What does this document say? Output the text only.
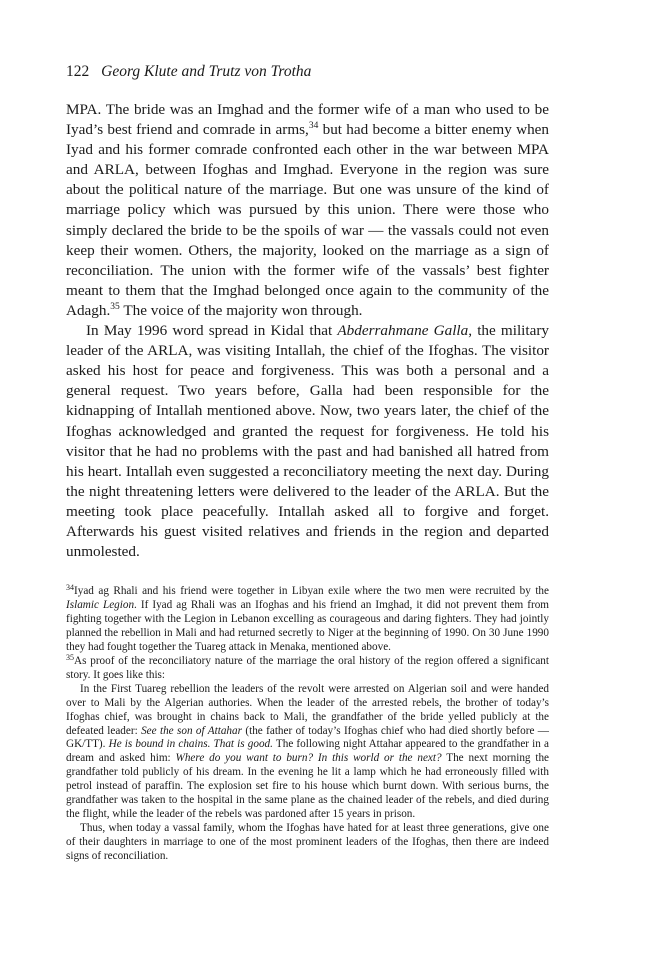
122 Georg Klute and Trutz von Trotha

MPA. The bride was an Imghad and the former wife of a man who used to be Iyad’s best friend and comrade in arms,$^{34}$ but had become a bitter enemy when Iyad and his former comrade confronted each other in the war between MPA and ARLA, between Ifoghas and Imghad. Everyone in the region was sure about the political nature of the marriage. But one was unsure of the kind of marriage policy which was pursued by this union. There were those who simply declared the bride to be the spoils of war — the vassals could not even keep their women. Others, the majority, looked on the marriage as a sign of reconciliation. The union with the former wife of the vassals’ best fighter meant to them that the Imghad belonged once again to the community of the Adagh.$^{35}$ The voice of the majority won through.

In May 1996 word spread in Kidal that Abderrahmane Galla, the military leader of the ARLA, was visiting Intallah, the chief of the Ifoghas. The visitor asked his host for peace and forgiveness. This was both a personal and a general request. Two years before, Galla had been responsible for the kidnapping of Intallah mentioned above. Now, two years later, the chief of the Ifoghas acknowledged and granted the request for forgiveness. He told his visitor that he had no problems with the past and had banished all hatred from his heart. Intallah even suggested a reconciliatory meeting the next day. During the night threatening letters were delivered to the leader of the ARLA. But the meeting took place peacefully. Intallah asked all to forgive and forget. Afterwards his guest visited relatives and friends in the region and departed unmolested.

$^{34}$Iyad ag Rhali and his friend were together in Libyan exile where the two men were recruited by the Islamic Legion. If Iyad ag Rhali was an Ifoghas and his friend an Imghad, it did not prevent them from fighting together with the Legion in Lebanon excelling as courageous and daring fighters. They had jointly planned the rebellion in Mali and had returned secretly to Niger at the beginning of 1990. On 30 June 1990 they had fought together the Tuareg attack in Menaka, mentioned above.

$^{35}$As proof of the reconciliatory nature of the marriage the oral history of the region offered a significant story. It goes like this:

In the First Tuareg rebellion the leaders of the revolt were arrested on Algerian soil and were handed over to Mali by the Algerian authories. When the leader of the arrested rebels, the brother of today’s Ifoghas chief, was brought in chains back to Mali, the grandfather of the bride yelled publicly at the defeated leader: See the son of Attahar (the father of today’s Ifoghas chief who had died shortly before — GK/TT). He is bound in chains. That is good. The following night Attahar appeared to the grandfather in a dream and asked him: Where do you want to burn? In this world or the next? The next morning the grandfather told publicly of his dream. In the evening he lit a lamp which he had erroneously filled with petrol instead of paraffin. The explosion set fire to his house which burnt down. With serious burns, the grandfather was taken to the hospital in the same plane as the chained leader of the rebels, and died during the flight, while the leader of the rebels was pardoned after 15 years in prison.

Thus, when today a vassal family, whom the Ifoghas have hated for at least three generations, give one of their daughters in marriage to one of the most prominent leaders of the Ifoghas, then there are indeed signs of reconciliation.
